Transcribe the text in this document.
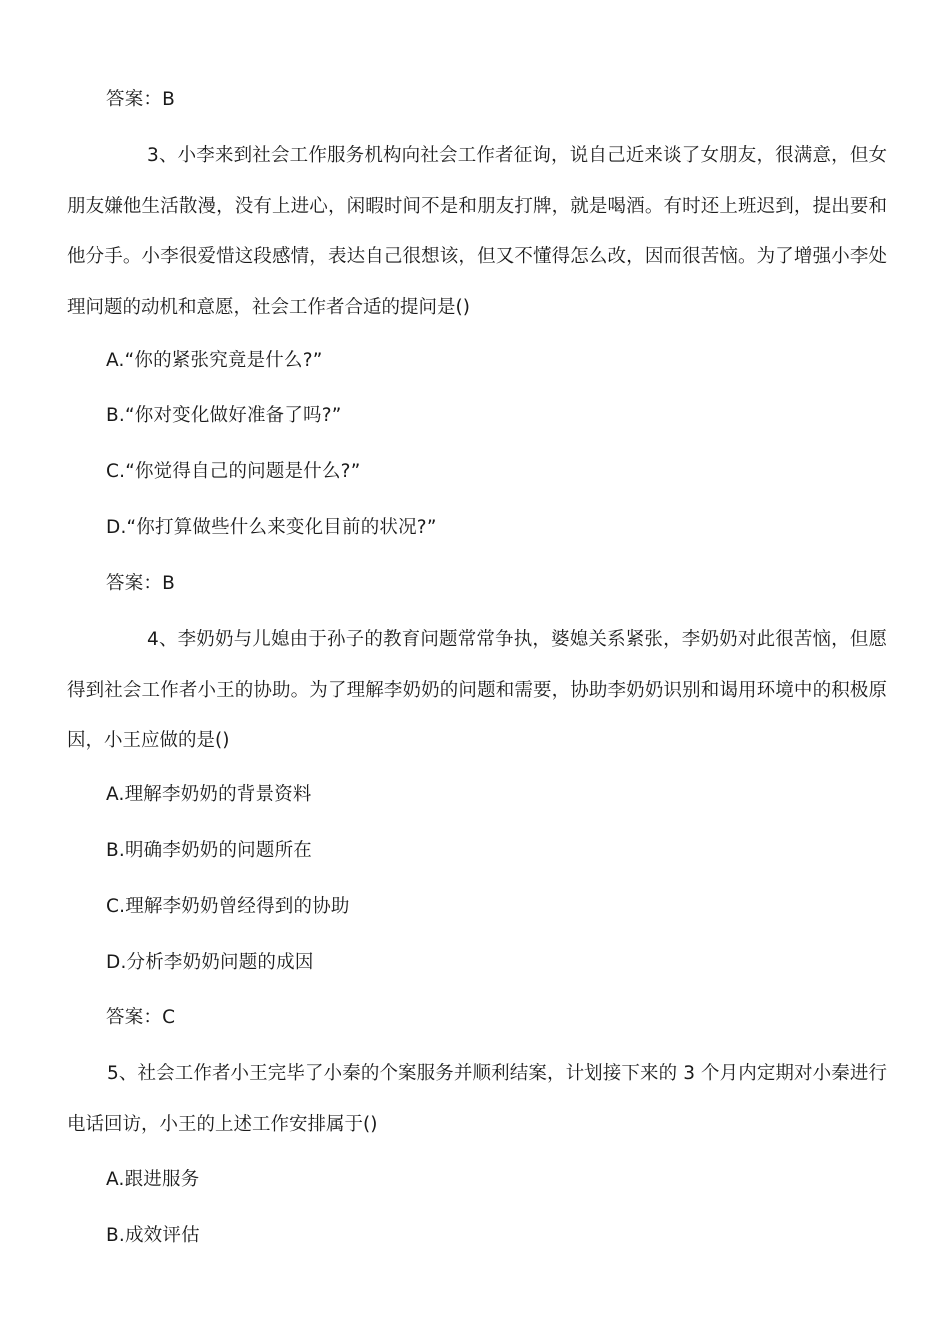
答案：B
3、小李来到社会工作服务机构向社会工作者征询，说自己近来谈了女朋友，很满意，但女朋友嫌他生活散漫，没有上进心，闲暇时间不是和朋友打牌，就是喝酒。有时还上班迟到，提出要和他分手。小李很爱惜这段感情，表达自己很想该，但又不懂得怎么改，因而很苦恼。为了增强小李处理问题的动机和意愿，社会工作者合适的提问是()
A.“你的紧张究竟是什么?”
B.“你对变化做好准备了吗?”
C.“你觉得自己的问题是什么?”
D.“你打算做些什么来变化目前的状况?”
答案：B
4、李奶奶与儿媳由于孙子的教育问题常常争执，婆媳关系紧张，李奶奶对此很苦恼，但愿得到社会工作者小王的协助。为了理解李奶奶的问题和需要，协助李奶奶识别和谒用环境中的积极原因，小王应做的是()
A.理解李奶奶的背景资料
B.明确李奶奶的问题所在
C.理解李奶奶曾经得到的协助
D.分析李奶奶问题的成因
答案：C
5、社会工作者小王完毕了小秦的个案服务并顺利结案，计划接下来的 3 个月内定期对小秦进行电话回访，小王的上述工作安排属于()
A.跟进服务
B.成效评估
